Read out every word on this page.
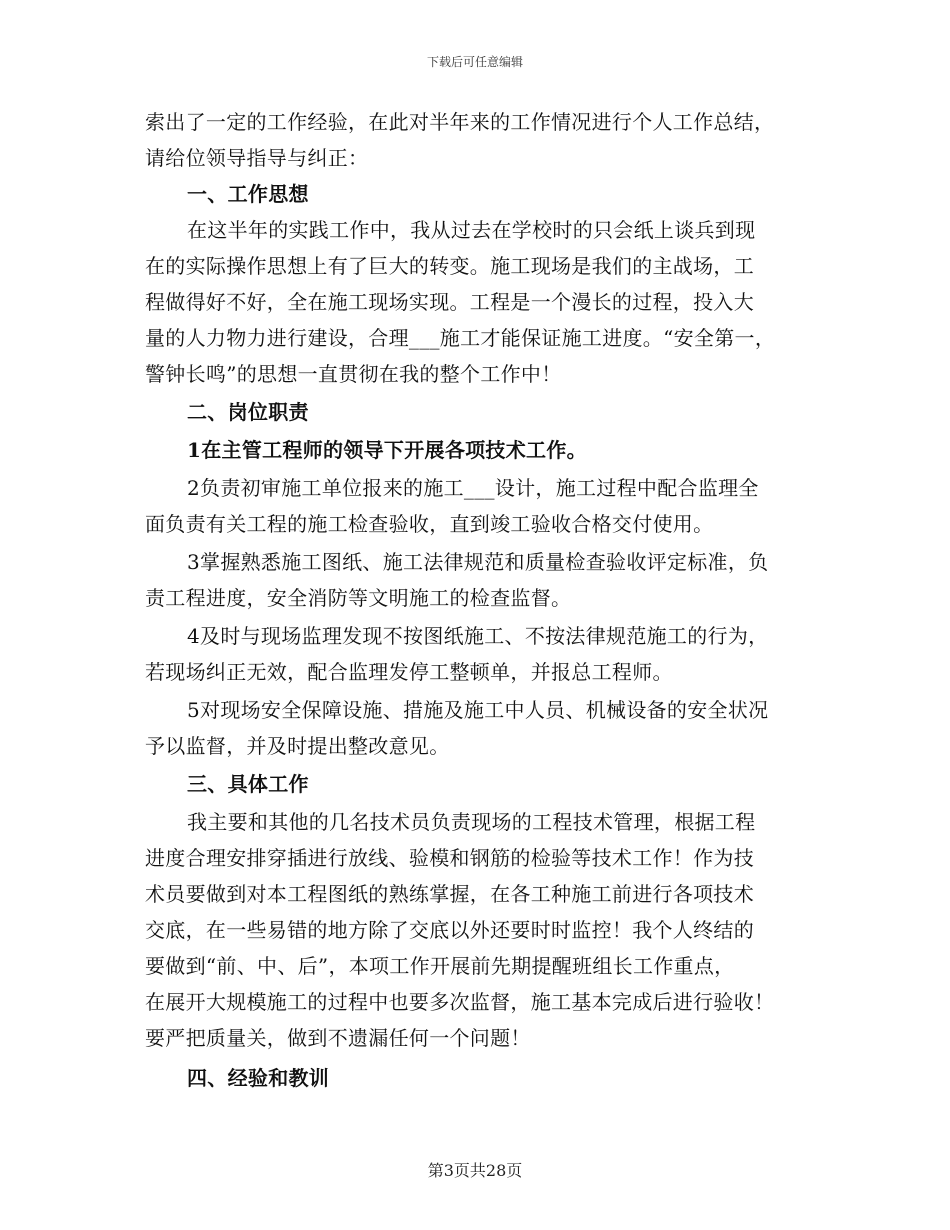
下载后可任意编辑
索出了一定的工作经验，在此对半年来的工作情况进行个人工作总结，
请给位领导指导与纠正：
一、工作思想
在这半年的实践工作中，我从过去在学校时的只会纸上谈兵到现
在的实际操作思想上有了巨大的转变。施工现场是我们的主战场，工
程做得好不好，全在施工现场实现。工程是一个漫长的过程，投入大
量的人力物力进行建设，合理___施工才能保证施工进度。“安全第一，
警钟长鸣”的思想一直贯彻在我的整个工作中！
二、岗位职责
1在主管工程师的领导下开展各项技术工作。
2负责初审施工单位报来的施工___设计，施工过程中配合监理全
面负责有关工程的施工检查验收，直到竣工验收合格交付使用。
3掌握熟悉施工图纸、施工法律规范和质量检查验收评定标准，负
责工程进度，安全消防等文明施工的检查监督。
4及时与现场监理发现不按图纸施工、不按法律规范施工的行为，
若现场纠正无效，配合监理发停工整顿单，并报总工程师。
5对现场安全保障设施、措施及施工中人员、机械设备的安全状况
予以监督，并及时提出整改意见。
三、具体工作
我主要和其他的几名技术员负责现场的工程技术管理，根据工程
进度合理安排穿插进行放线、验模和钢筋的检验等技术工作！作为技
术员要做到对本工程图纸的熟练掌握，在各工种施工前进行各项技术
交底，在一些易错的地方除了交底以外还要时时监控！我个人终结的
要做到“前、中、后”，本项工作开展前先期提醒班组长工作重点，
在展开大规模施工的过程中也要多次监督，施工基本完成后进行验收！
要严把质量关，做到不遗漏任何一个问题！
四、经验和教训
第3页共28页
